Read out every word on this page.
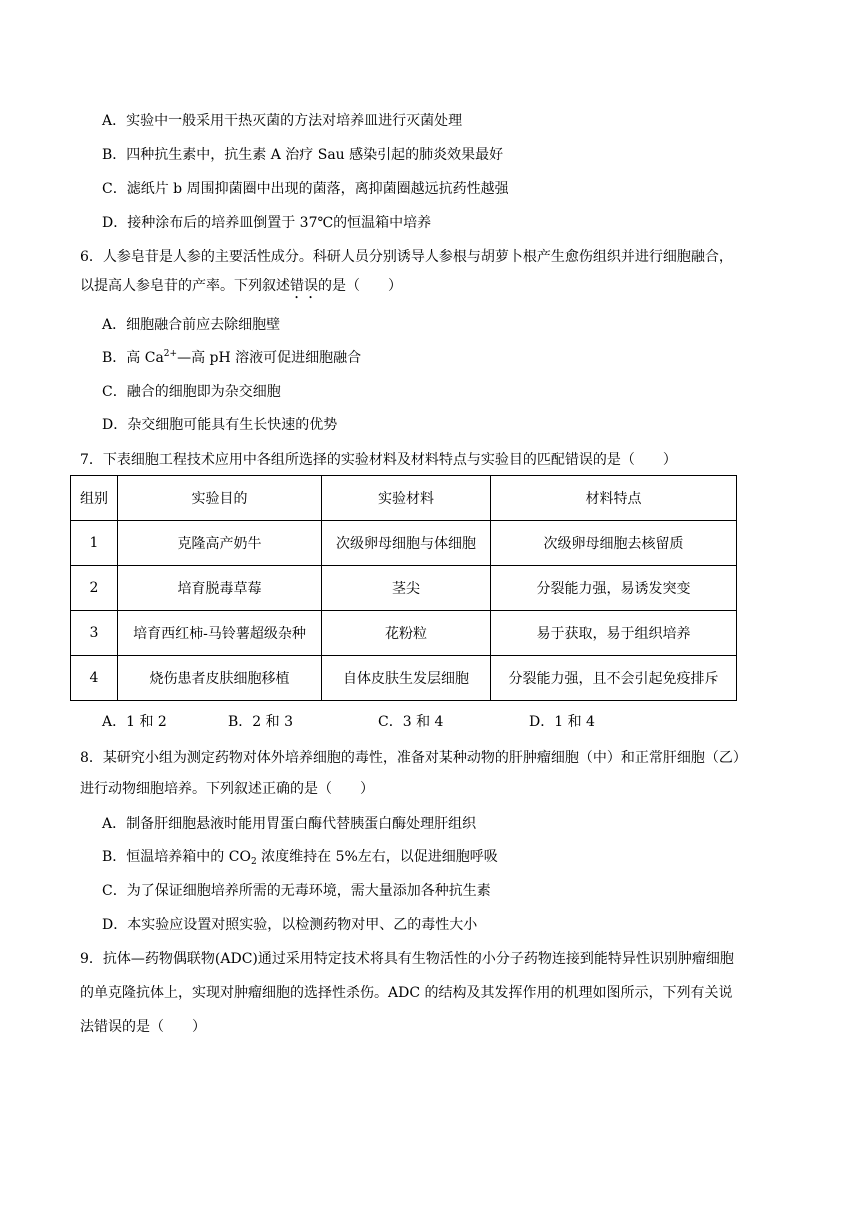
A．实验中一般采用干热灭菌的方法对培养皿进行灭菌处理
B．四种抗生素中，抗生素 A 治疗 Sau 感染引起的肺炎效果最好
C．滤纸片 b 周围抑菌圈中出现的菌落，离抑菌圈越远抗药性越强
D．接种涂布后的培养皿倒置于 37℃的恒温箱中培养
6．人参皂苷是人参的主要活性成分。科研人员分别诱导人参根与胡萝卜根产生愈伤组织并进行细胞融合，
以提高人参皂苷的产率。下列叙述错误的是（　　）
A．细胞融合前应去除细胞壁
B．高 $Ca^{2+}—$高 pH 溶液可促进细胞融合
C．融合的细胞即为杂交细胞
D．杂交细胞可能具有生长快速的优势
7．下表细胞工程技术应用中各组所选择的实验材料及材料特点与实验目的匹配错误的是（　　）
组别	实验目的	实验材料	材料特点
1	克隆高产奶牛	次级卵母细胞与体细胞	次级卵母细胞去核留质
2	培育脱毒草莓	茎尖	分裂能力强，易诱发突变
3	培育西红柿-马铃薯超级杂种	花粉粒	易于获取，易于组织培养
4	烧伤患者皮肤细胞移植	自体皮肤生发层细胞	分裂能力强，且不会引起免疫排斥
A．1 和 2	B．2 和 3	C．3 和 4	D．1 和 4
8．某研究小组为测定药物对体外培养细胞的毒性，准备对某种动物的肝肿瘤细胞（中）和正常肝细胞（乙）
进行动物细胞培养。下列叙述正确的是（　　）
A．制备肝细胞悬液时能用胃蛋白酶代替胰蛋白酶处理肝组织
B．恒温培养箱中的 $CO_2$ 浓度维持在 5%左右，以促进细胞呼吸
C．为了保证细胞培养所需的无毒环境，需大量添加各种抗生素
D．本实验应设置对照实验，以检测药物对甲、乙的毒性大小
9．抗体—药物偶联物(ADC)通过采用特定技术将具有生物活性的小分子药物连接到能特异性识别肿瘤细胞
的单克隆抗体上，实现对肿瘤细胞的选择性杀伤。ADC 的结构及其发挥作用的机理如图所示，下列有关说
法错误的是（　　）
